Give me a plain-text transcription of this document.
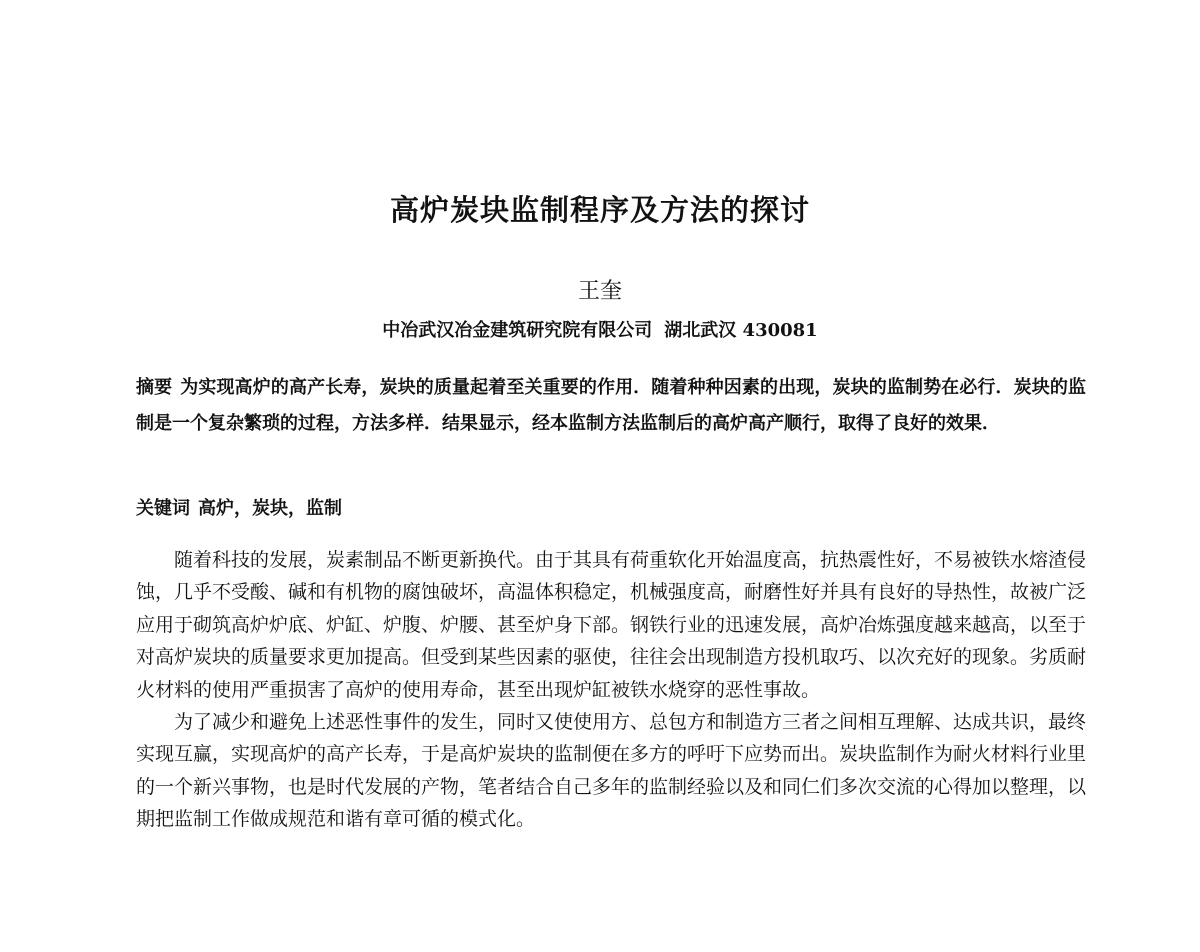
高炉炭块监制程序及方法的探讨

王奎

中冶武汉冶金建筑研究院有限公司 湖北武汉 430081

摘要 为实现高炉的高产长寿，炭块的质量起着至关重要的作用．随着种种因素的出现，炭块的监制势在必行．炭块的监制是一个复杂繁琐的过程，方法多样．结果显示，经本监制方法监制后的高炉高产顺行，取得了良好的效果．

关键词 高炉，炭块，监制

随着科技的发展，炭素制品不断更新换代。由于其具有荷重软化开始温度高，抗热震性好，不易被铁水熔渣侵蚀，几乎不受酸、碱和有机物的腐蚀破坏，高温体积稳定，机械强度高，耐磨性好并具有良好的导热性，故被广泛应用于砌筑高炉炉底、炉缸、炉腹、炉腰、甚至炉身下部。钢铁行业的迅速发展，高炉冶炼强度越来越高，以至于对高炉炭块的质量要求更加提高。但受到某些因素的驱使，往往会出现制造方投机取巧、以次充好的现象。劣质耐火材料的使用严重损害了高炉的使用寿命，甚至出现炉缸被铁水烧穿的恶性事故。

为了减少和避免上述恶性事件的发生，同时又使使用方、总包方和制造方三者之间相互理解、达成共识，最终实现互赢，实现高炉的高产长寿，于是高炉炭块的监制便在多方的呼吁下应势而出。炭块监制作为耐火材料行业里的一个新兴事物，也是时代发展的产物，笔者结合自己多年的监制经验以及和同仁们多次交流的心得加以整理，以期把监制工作做成规范和谐有章可循的模式化。
